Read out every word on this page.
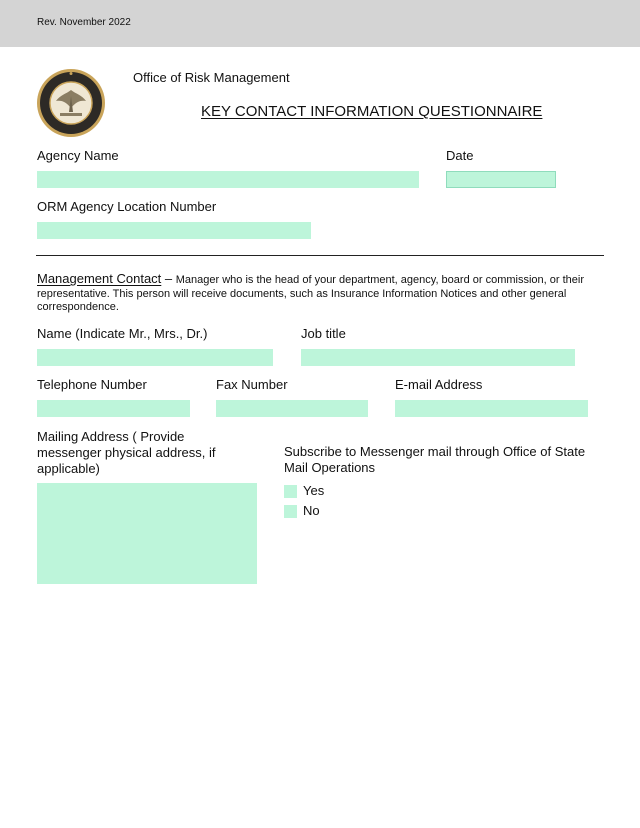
Rev. November 2022
Office of Risk Management
KEY CONTACT INFORMATION QUESTIONNAIRE
Agency Name	Date
ORM Agency Location Number
Management Contact – Manager who is the head of your department, agency, board or commission, or their representative. This person will receive documents, such as Insurance Information Notices and other general correspondence.
Name (Indicate Mr., Mrs., Dr.)	Job title
Telephone Number	Fax Number	E-mail Address
Mailing Address ( Provide messenger physical address, if applicable)
Subscribe to Messenger mail through Office of State Mail Operations
Yes
No
